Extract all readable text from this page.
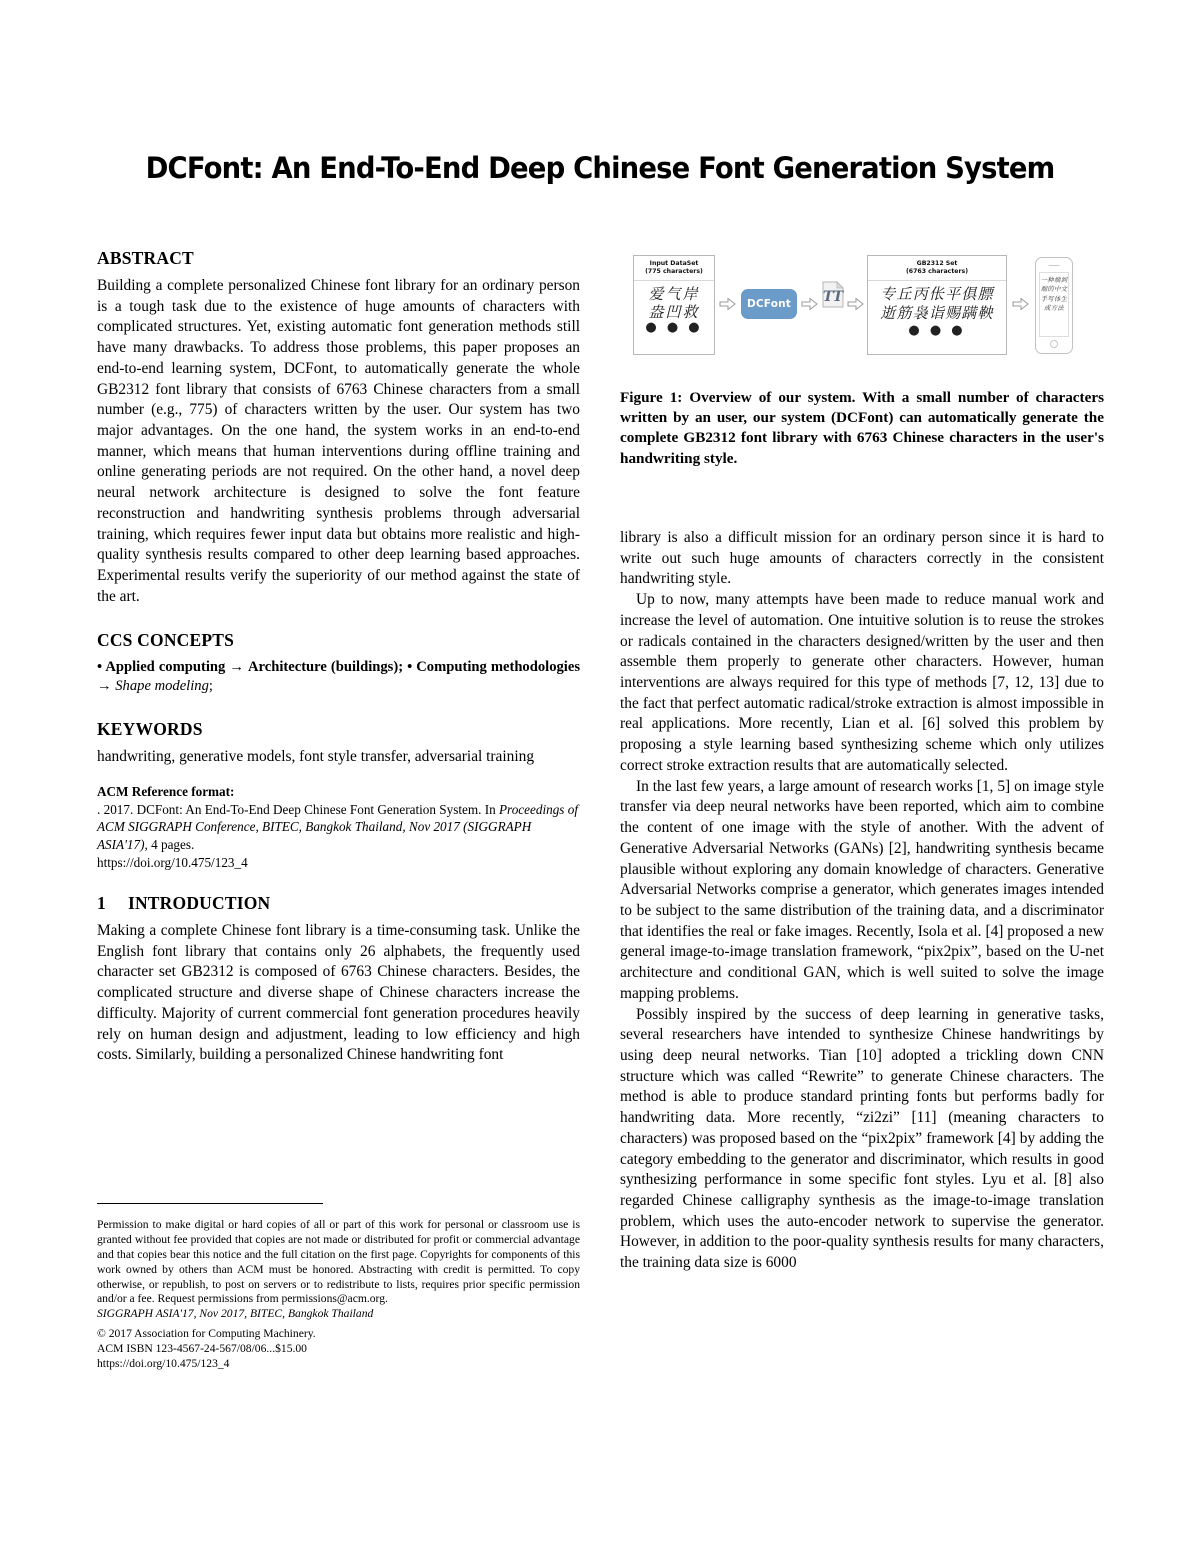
DCFont: An End-To-End Deep Chinese Font Generation System
ABSTRACT

Building a complete personalized Chinese font library for an ordinary person is a tough task due to the existence of huge amounts of characters with complicated structures. Yet, existing automatic font generation methods still have many drawbacks. To address those problems, this paper proposes an end-to-end learning system, DCFont, to automatically generate the whole GB2312 font library that consists of 6763 Chinese characters from a small number (e.g., 775) of characters written by the user. Our system has two major advantages. On the one hand, the system works in an end-to-end manner, which means that human interventions during offline training and online generating periods are not required. On the other hand, a novel deep neural network architecture is designed to solve the font feature reconstruction and handwriting synthesis problems through adversarial training, which requires fewer input data but obtains more realistic and high-quality synthesis results compared to other deep learning based approaches. Experimental results verify the superiority of our method against the state of the art.

CCS CONCEPTS

• Applied computing → Architecture (buildings); • Computing methodologies → Shape modeling;

KEYWORDS

handwriting, generative models, font style transfer, adversarial training

ACM Reference format:
. 2017. DCFont: An End-To-End Deep Chinese Font Generation System. In Proceedings of ACM SIGGRAPH Conference, BITEC, Bangkok Thailand, Nov 2017 (SIGGRAPH ASIA'17), 4 pages.
https://doi.org/10.475/123_4

1 INTRODUCTION

Making a complete Chinese font library is a time-consuming task. Unlike the English font library that contains only 26 alphabets, the frequently used character set GB2312 is composed of 6763 Chinese characters. Besides, the complicated structure and diverse shape of Chinese characters increase the difficulty. Majority of current commercial font generation procedures heavily rely on human design and adjustment, leading to low efficiency and high costs. Similarly, building a personalized Chinese handwriting font

Permission to make digital or hard copies of all or part of this work for personal or classroom use is granted without fee provided that copies are not made or distributed for profit or commercial advantage and that copies bear this notice and the full citation on the first page. Copyrights for components of this work owned by others than ACM must be honored. Abstracting with credit is permitted. To copy otherwise, or republish, to post on servers or to redistribute to lists, requires prior specific permission and/or a fee. Request permissions from permissions@acm.org.
SIGGRAPH ASIA'17, Nov 2017, BITEC, Bangkok Thailand
© 2017 Association for Computing Machinery.
ACM ISBN 123-4567-24-567/08/06...$15.00
https://doi.org/10.475/123_4
Input DataSet
(775 characters)
爱气岸
盎凹救
● ● ●
DCFont	TT
GB2312 Set
(6763 characters)
专丘丙伥平俱膘
逝筋袅诣赐蹒鞅
● ● ●
一种端到
端的中文
手写体生
成方法
Figure 1: Overview of our system. With a small number of characters written by an user, our system (DCFont) can automatically generate the complete GB2312 font library with 6763 Chinese characters in the user's handwriting style.

library is also a difficult mission for an ordinary person since it is hard to write out such huge amounts of characters correctly in the consistent handwriting style.

Up to now, many attempts have been made to reduce manual work and increase the level of automation. One intuitive solution is to reuse the strokes or radicals contained in the characters designed/written by the user and then assemble them properly to generate other characters. However, human interventions are always required for this type of methods [7, 12, 13] due to the fact that perfect automatic radical/stroke extraction is almost impossible in real applications. More recently, Lian et al. [6] solved this problem by proposing a style learning based synthesizing scheme which only utilizes correct stroke extraction results that are automatically selected.

In the last few years, a large amount of research works [1, 5] on image style transfer via deep neural networks have been reported, which aim to combine the content of one image with the style of another. With the advent of Generative Adversarial Networks (GANs) [2], handwriting synthesis became plausible without exploring any domain knowledge of characters. Generative Adversarial Networks comprise a generator, which generates images intended to be subject to the same distribution of the training data, and a discriminator that identifies the real or fake images. Recently, Isola et al. [4] proposed a new general image-to-image translation framework, “pix2pix”, based on the U-net architecture and conditional GAN, which is well suited to solve the image mapping problems.

Possibly inspired by the success of deep learning in generative tasks, several researchers have intended to synthesize Chinese handwritings by using deep neural networks. Tian [10] adopted a trickling down CNN structure which was called “Rewrite” to generate Chinese characters. The method is able to produce standard printing fonts but performs badly for handwriting data. More recently, “zi2zi” [11] (meaning characters to characters) was proposed based on the “pix2pix” framework [4] by adding the category embedding to the generator and discriminator, which results in good synthesizing performance in some specific font styles. Lyu et al. [8] also regarded Chinese calligraphy synthesis as the image-to-image translation problem, which uses the auto-encoder network to supervise the generator. However, in addition to the poor-quality synthesis results for many characters, the training data size is 6000
